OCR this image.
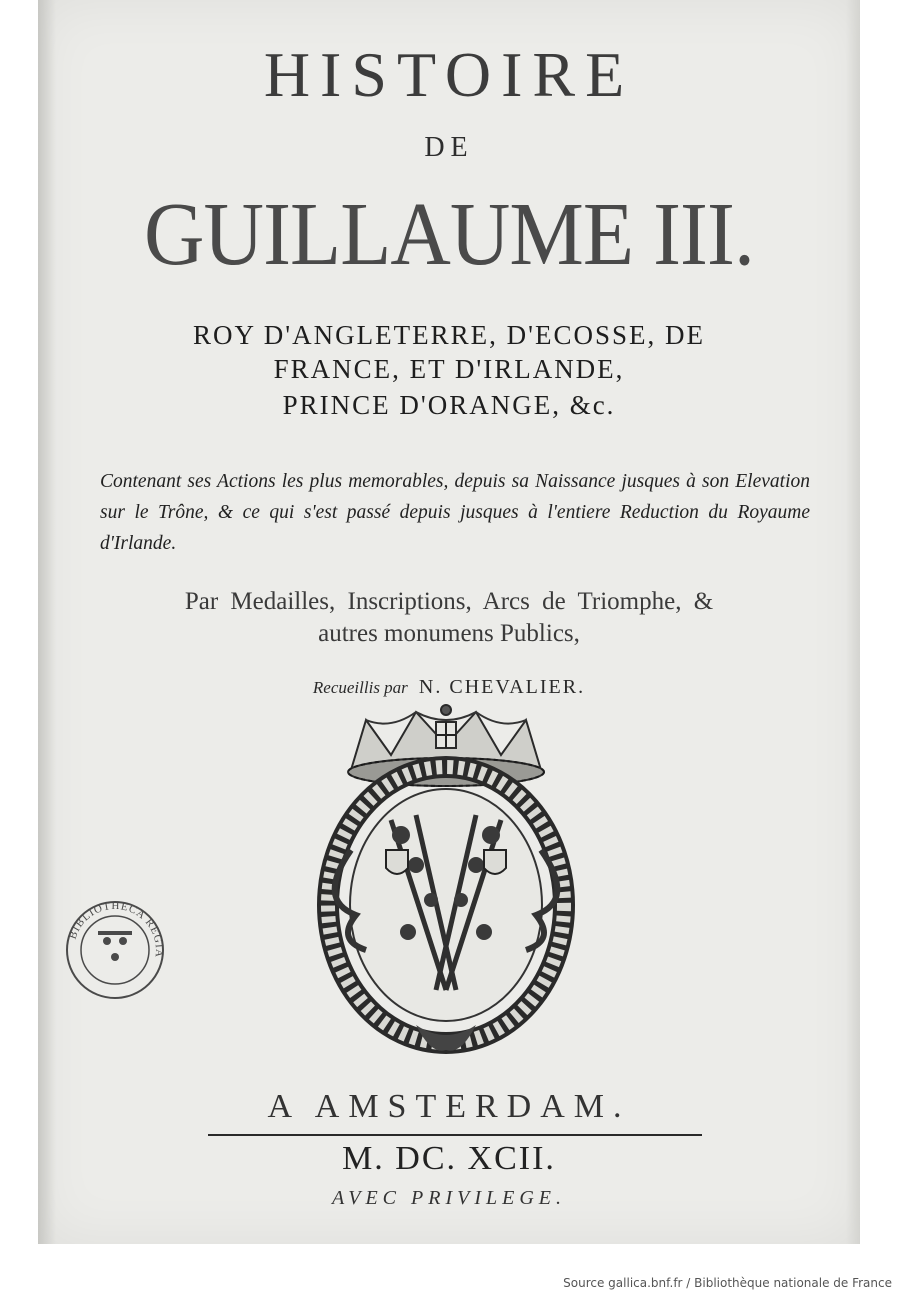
HISTOIRE
DE
GUILLAUME III.
ROY D'ANGLETERRE, D'ECOSSE, DE
FRANCE, ET D'IRLANDE,
PRINCE D'ORANGE, &c.
Contenant ses Actions les plus memorables, depuis sa Naissance jusques à son Elevation sur le Trône, & ce qui s'est passé depuis jusques à l'entiere Reduction du Royaume d'Irlande.
Par Medailles, Inscriptions, Arcs de Triomphe, &
autres monumens Publics,
Recueillis par N. CHEVALIER.
BIBLIOTHECA REGIA
A AMSTERDAM.
M. DC. XCII.
AVEC PRIVILEGE.
Source gallica.bnf.fr / Bibliothèque nationale de France
